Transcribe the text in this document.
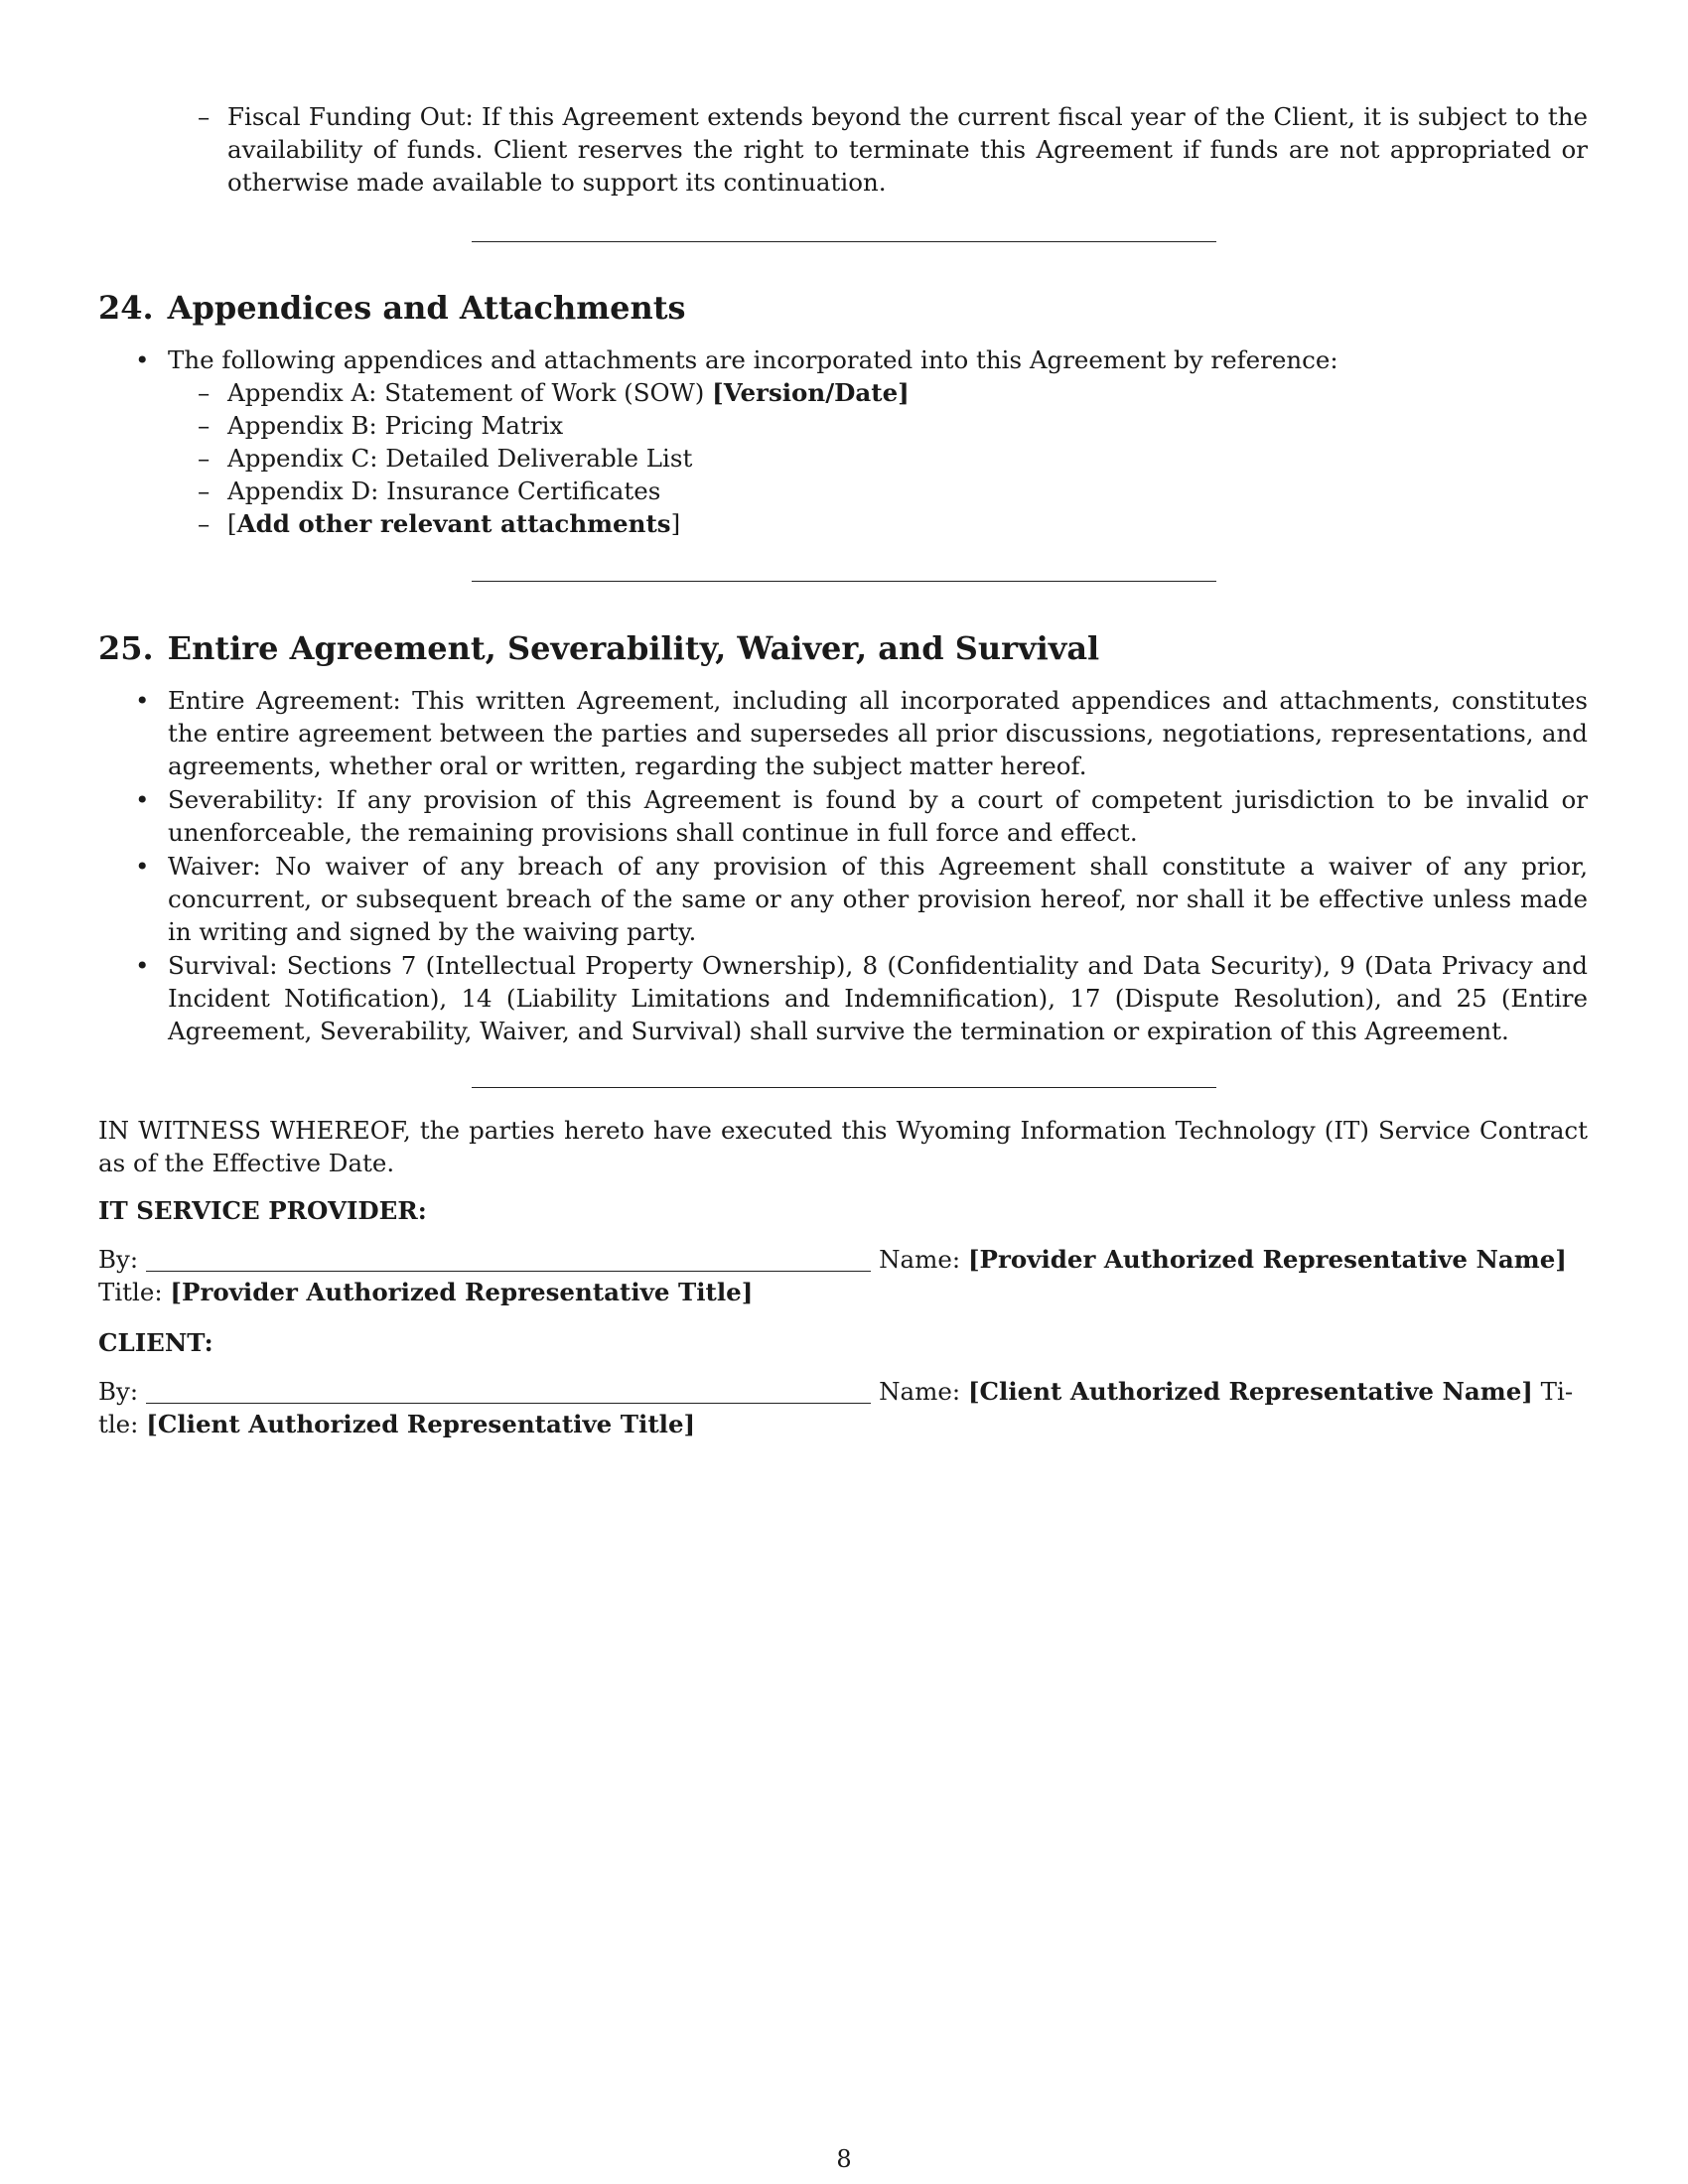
– Fiscal Funding Out: If this Agreement extends beyond the current fiscal year of the Client, it is subject to the availability of funds. Client reserves the right to terminate this Agreement if funds are not appropriated or otherwise made available to support its continuation.
24. Appendices and Attachments
• The following appendices and attachments are incorporated into this Agreement by reference:
– Appendix A: Statement of Work (SOW) [Version/Date]
– Appendix B: Pricing Matrix
– Appendix C: Detailed Deliverable List
– Appendix D: Insurance Certificates
– [Add other relevant attachments]
25. Entire Agreement, Severability, Waiver, and Survival
• Entire Agreement: This written Agreement, including all incorporated appendices and attachments, constitutes the entire agreement between the parties and supersedes all prior discussions, negotiations, representations, and agreements, whether oral or written, regarding the subject matter hereof.
• Severability: If any provision of this Agreement is found by a court of competent jurisdiction to be invalid or unenforceable, the remaining provisions shall continue in full force and effect.
• Waiver: No waiver of any breach of any provision of this Agreement shall constitute a waiver of any prior, concurrent, or subsequent breach of the same or any other provision hereof, nor shall it be effective unless made in writing and signed by the waiving party.
• Survival: Sections 7 (Intellectual Property Ownership), 8 (Confidentiality and Data Security), 9 (Data Privacy and Incident Notification), 14 (Liability Limitations and Indemnification), 17 (Dispute Resolution), and 25 (Entire Agreement, Severability, Waiver, and Survival) shall survive the termination or expiration of this Agreement.
IN WITNESS WHEREOF, the parties hereto have executed this Wyoming Information Technology (IT) Service Contract as of the Effective Date.
IT SERVICE PROVIDER:
By:	Name: [Provider Authorized Representative Name]
Title: [Provider Authorized Representative Title]
CLIENT:
By:	Name: [Client Authorized Representative Name] Ti-
tle: [Client Authorized Representative Title]
8
